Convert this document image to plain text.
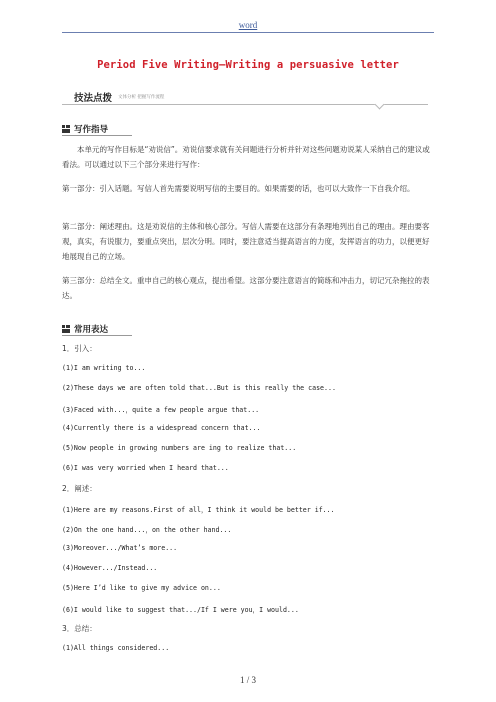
word
Period Five Writing—Writing a persuasive letter
技法点拨 文体分析 把握写作流程
写作指导
本单元的写作目标是“劝说信”。劝说信要求就有关问题进行分析并针对这些问题劝说某人采纳自己的建议或看法。可以通过以下三个部分来进行写作：
第一部分：引入话题。写信人首先需要说明写信的主要目的。如果需要的话，也可以大致作一下自我介绍。
第二部分：阐述理由。这是劝说信的主体和核心部分。写信人需要在这部分有条理地列出自己的理由。理由要客观，真实，有说服力，要重点突出，层次分明。同时，要注意适当提高语言的力度，发挥语言的功力，以便更好地展现自己的立场。
第三部分：总结全文。重申自己的核心观点，提出希望。这部分要注意语言的简练和冲击力，切记冗杂拖拉的表达。
常用表达
1．引入：
(1)I am writing to...
(2)These days we are often told that...But is this really the case...
(3)Faced with...，quite a few people argue that...
(4)Currently there is a widespread concern that...
(5)Now people in growing numbers are ing to realize that...
(6)I was very worried when I heard that...
2．阐述：
(1)Here are my reasons.First of all，I think it would be better if...
(2)On the one hand...，on the other hand...
(3)Moreover.../What’s more...
(4)However.../Instead...
(5)Here I’d like to give my advice on...
(6)I would like to suggest that.../If I were you，I would...
3．总结：
(1)All things considered...
1 / 3
